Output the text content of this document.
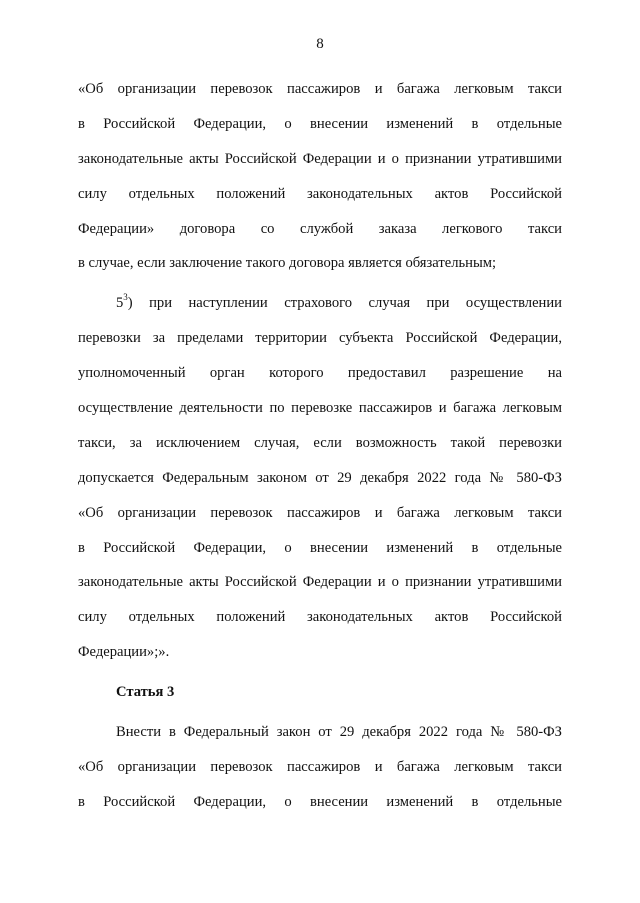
8
«Об организации перевозок пассажиров и багажа легковым такси
в Российской Федерации, о внесении изменений в отдельные
законодательные акты Российской Федерации и о признании утратившими
силу отдельных положений законодательных актов Российской
Федерации» договора со службой заказа легкового такси
в случае, если заключение такого договора является обязательным;
$5^3$) при наступлении страхового случая при осуществлении
перевозки за пределами территории субъекта Российской Федерации,
уполномоченный орган которого предоставил разрешение на
осуществление деятельности по перевозке пассажиров и багажа легковым
такси, за исключением случая, если возможность такой перевозки
допускается Федеральным законом от 29 декабря 2022 года № 580-ФЗ
«Об организации перевозок пассажиров и багажа легковым такси
в Российской Федерации, о внесении изменений в отдельные
законодательные акты Российской Федерации и о признании утратившими
силу отдельных положений законодательных актов Российской
Федерации»;».
Статья 3
Внести в Федеральный закон от 29 декабря 2022 года № 580-ФЗ
«Об организации перевозок пассажиров и багажа легковым такси
в Российской Федерации, о внесении изменений в отдельные
